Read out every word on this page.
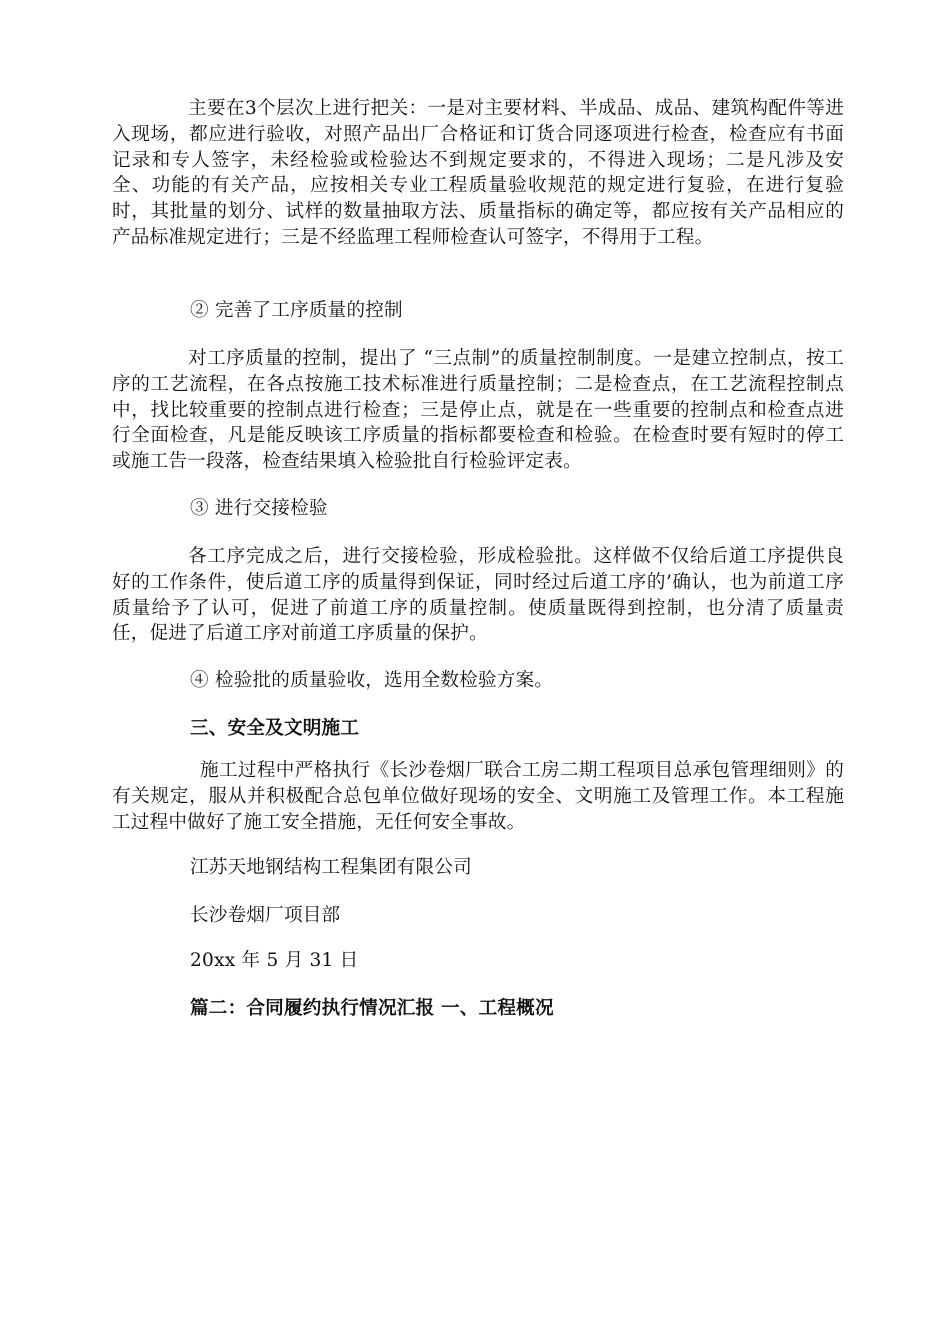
主要在3个层次上进行把关：一是对主要材料、半成品、成品、建筑构配件等进入现场，都应进行验收，对照产品出厂合格证和订货合同逐项进行检查，检查应有书面记录和专人签字，未经检验或检验达不到规定要求的，不得进入现场；二是凡涉及安全、功能的有关产品，应按相关专业工程质量验收规范的规定进行复验，在进行复验时，其批量的划分、试样的数量抽取方法、质量指标的确定等，都应按有关产品相应的产品标准规定进行；三是不经监理工程师检查认可签字，不得用于工程。

② 完善了工序质量的控制

对工序质量的控制，提出了 “三点制”的质量控制制度。一是建立控制点，按工序的工艺流程，在各点按施工技术标准进行质量控制；二是检查点，在工艺流程控制点中，找比较重要的控制点进行检查；三是停止点，就是在一些重要的控制点和检查点进行全面检查，凡是能反映该工序质量的指标都要检查和检验。在检查时要有短时的停工或施工告一段落，检查结果填入检验批自行检验评定表。

③ 进行交接检验

各工序完成之后，进行交接检验，形成检验批。这样做不仅给后道工序提供良好的工作条件，使后道工序的质量得到保证，同时经过后道工序的’确认，也为前道工序质量给予了认可，促进了前道工序的质量控制。使质量既得到控制，也分清了质量责任，促进了后道工序对前道工序质量的保护。

④ 检验批的质量验收，选用全数检验方案。

三、安全及文明施工

施工过程中严格执行《长沙卷烟厂联合工房二期工程项目总承包管理细则》的有关规定，服从并积极配合总包单位做好现场的安全、文明施工及管理工作。本工程施工过程中做好了施工安全措施，无任何安全事故。

江苏天地钢结构工程集团有限公司

长沙卷烟厂项目部

20xx 年 5 月 31 日

篇二：合同履约执行情况汇报 一、工程概况
